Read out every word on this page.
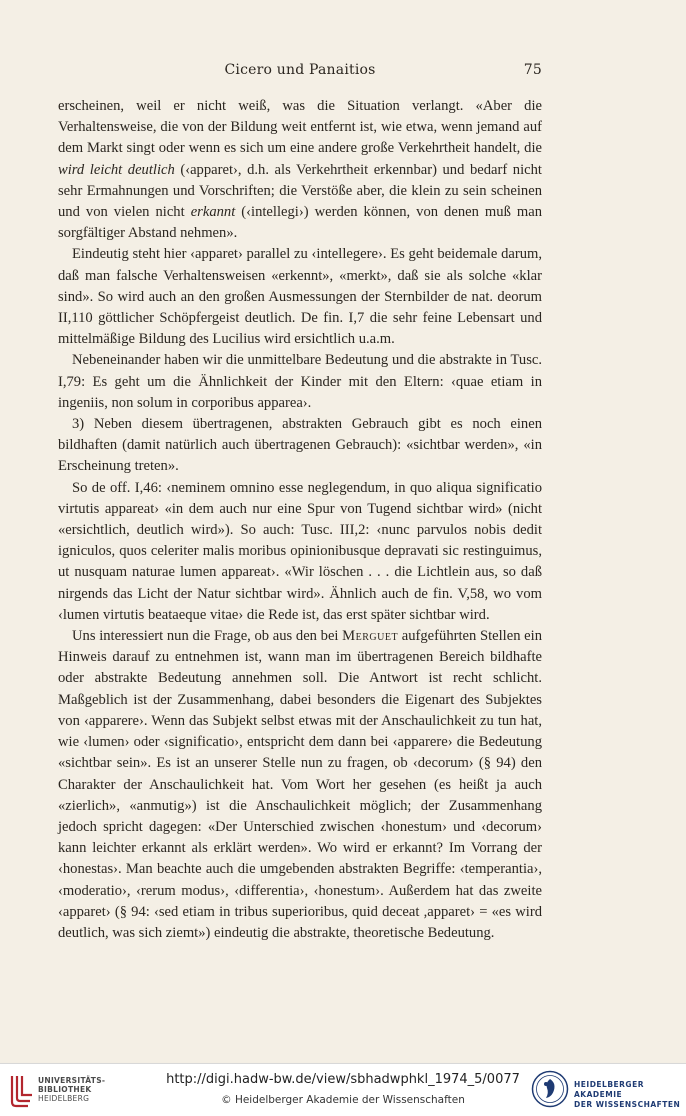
Cicero und Panaitios	75

erscheinen, weil er nicht weiß, was die Situation verlangt. «Aber die Verhaltensweise, die von der Bildung weit entfernt ist, wie etwa, wenn jemand auf dem Markt singt oder wenn es sich um eine andere große Verkehrtheit handelt, die wird leicht deutlich (‹apparet›, d.h. als Verkehrtheit erkennbar) und bedarf nicht sehr Ermahnungen und Vorschriften; die Verstöße aber, die klein zu sein scheinen und von vielen nicht erkannt (‹intellegi›) werden können, von denen muß man sorgfältiger Abstand nehmen».

Eindeutig steht hier ‹apparet› parallel zu ‹intellegere›. Es geht beidemale darum, daß man falsche Verhaltensweisen «erkennt», «merkt», daß sie als solche «klar sind». So wird auch an den großen Ausmessungen der Sternbilder de nat. deorum II,110 göttlicher Schöpfergeist deutlich. De fin. I,7 die sehr feine Lebensart und mittelmäßige Bildung des Lucilius wird ersichtlich u.a.m.

Nebeneinander haben wir die unmittelbare Bedeutung und die abstrakte in Tusc. I,79: Es geht um die Ähnlichkeit der Kinder mit den Eltern: ‹quae etiam in ingeniis, non solum in corporibus apparea›.

3) Neben diesem übertragenen, abstrakten Gebrauch gibt es noch einen bildhaften (damit natürlich auch übertragenen Gebrauch): «sichtbar werden», «in Erscheinung treten».

So de off. I,46: ‹neminem omnino esse neglegendum, in quo aliqua significatio virtutis appareat› «in dem auch nur eine Spur von Tugend sichtbar wird» (nicht «ersichtlich, deutlich wird»). So auch: Tusc. III,2: ‹nunc parvulos nobis dedit igniculos, quos celeriter malis moribus opinionibusque depravati sic restinguimus, ut nusquam naturae lumen appareat›. «Wir löschen . . . die Lichtlein aus, so daß nirgends das Licht der Natur sichtbar wird». Ähnlich auch de fin. V,58, wo vom ‹lumen virtutis beataeque vitae› die Rede ist, das erst später sichtbar wird.

Uns interessiert nun die Frage, ob aus den bei Merguet aufgeführten Stellen ein Hinweis darauf zu entnehmen ist, wann man im übertragenen Bereich bildhafte oder abstrakte Bedeutung annehmen soll. Die Antwort ist recht schlicht. Maßgeblich ist der Zusammenhang, dabei besonders die Eigenart des Subjektes von ‹apparere›. Wenn das Subjekt selbst etwas mit der Anschaulichkeit zu tun hat, wie ‹lumen› oder ‹significatio›, entspricht dem dann bei ‹apparere› die Bedeutung «sichtbar sein». Es ist an unserer Stelle nun zu fragen, ob ‹decorum› (§ 94) den Charakter der Anschaulichkeit hat. Vom Wort her gesehen (es heißt ja auch «zierlich», «anmutig») ist die Anschaulichkeit möglich; der Zusammenhang jedoch spricht dagegen: «Der Unterschied zwischen ‹honestum› und ‹decorum› kann leichter erkannt als erklärt werden». Wo wird er erkannt? Im Vorrang der ‹honestas›. Man beachte auch die umgebenden abstrakten Begriffe: ‹temperantia›, ‹moderatio›, ‹rerum modus›, ‹differentia›, ‹honestum›. Außerdem hat das zweite ‹apparet› (§ 94: ‹sed etiam in tribus superioribus, quid deceat ,apparet› = «es wird deutlich, was sich ziemt») eindeutig die abstrakte, theoretische Bedeutung.

UNIVERSITÄTS-
BIBLIOTHEK
HEIDELBERG
http://digi.hadw-bw.de/view/sbhadwphkl_1974_5/0077
© Heidelberger Akademie der Wissenschaften
HEIDELBERGER AKADEMIE
DER WISSENSCHAFTEN
